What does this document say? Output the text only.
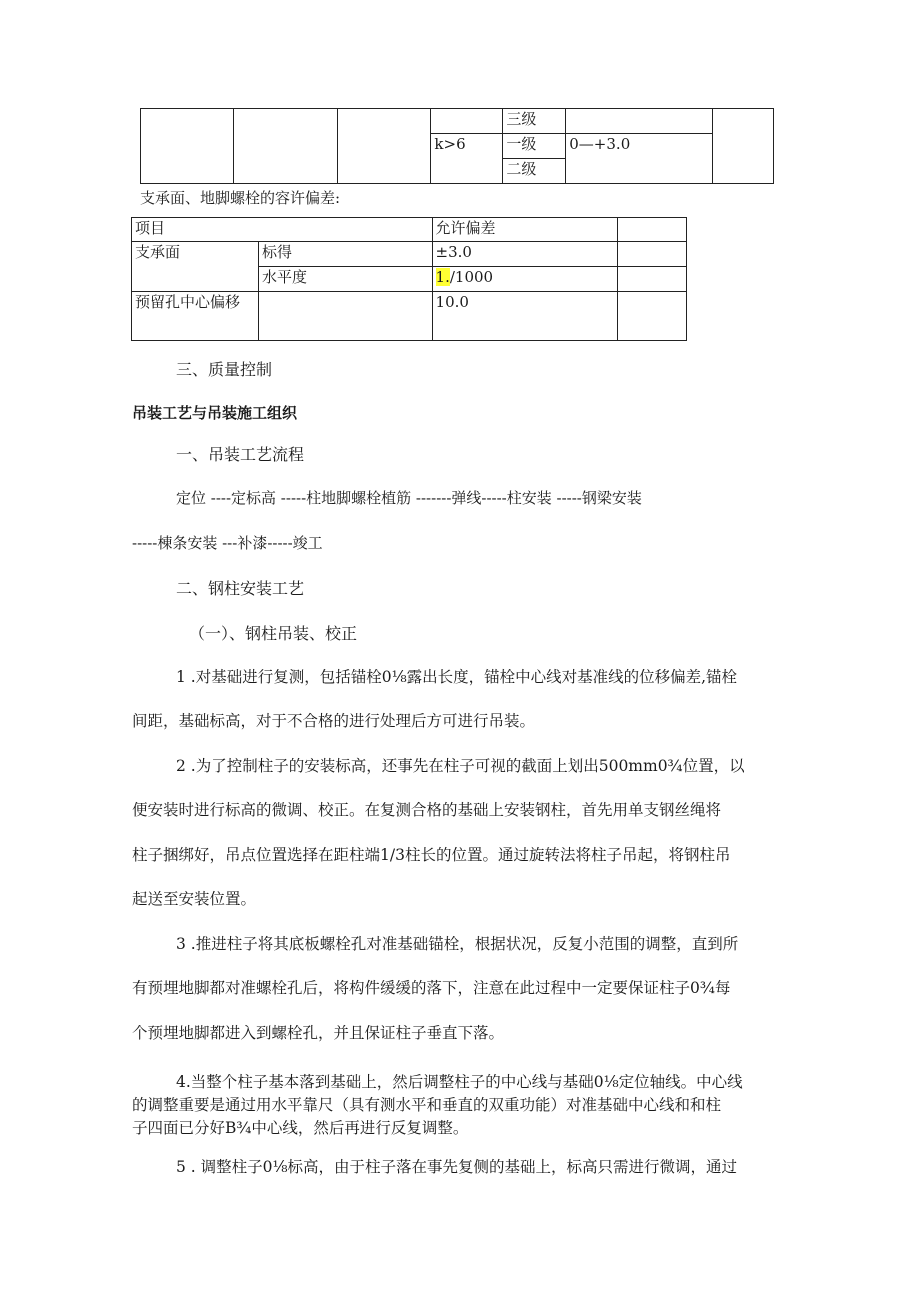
				三级		
			k>6	一级	0—+3.0	
				二级		
支承面、地脚螺栓的容许偏差:
项目		允许偏差	
支承面	标得	±3.0	
	水平度	1./1000	
预留孔中心偏移		10.0	
三、质量控制
吊装工艺与吊装施工组织
一、吊装工艺流程
定位 ----定标高 -----柱地脚螺栓植筋 -------弹线-----柱安装 -----钢梁安装
-----棟条安装 ---补漆-----竣工
二、钢柱安装工艺
（一）、钢柱吊装、校正
1 .对基础进行复测，包括锚栓0⅛露出长度，锚栓中心线对基准线的位移偏差,锚栓
间距，基础标高，对于不合格的进行处理后方可进行吊装。
2 .为了控制柱子的安装标高，还事先在柱子可视的截面上划出500mm0¾位置，以
便安装时进行标高的微调、校正。在复测合格的基础上安装钢柱，首先用单支钢丝绳将
柱子捆绑好，吊点位置选择在距柱端1/3柱长的位置。通过旋转法将柱子吊起，将钢柱吊
起送至安装位置。
3 .推进柱子将其底板螺栓孔对准基础锚栓，根据状况，反复小范围的调整，直到所
有预埋地脚都对准螺栓孔后，将构件缓缓的落下，注意在此过程中一定要保证柱子0¾每
个预埋地脚都进入到螺栓孔，并且保证柱子垂直下落。
4.当整个柱子基本落到基础上，然后调整柱子的中心线与基础0⅛定位轴线。中心线
的调整重要是通过用水平靠尺（具有测水平和垂直的双重功能）对准基础中心线和和柱
子四面已分好B¾中心线，然后再进行反复调整。
5 . 调整柱子0⅛标高，由于柱子落在事先复侧的基础上，标高只需进行微调，通过
